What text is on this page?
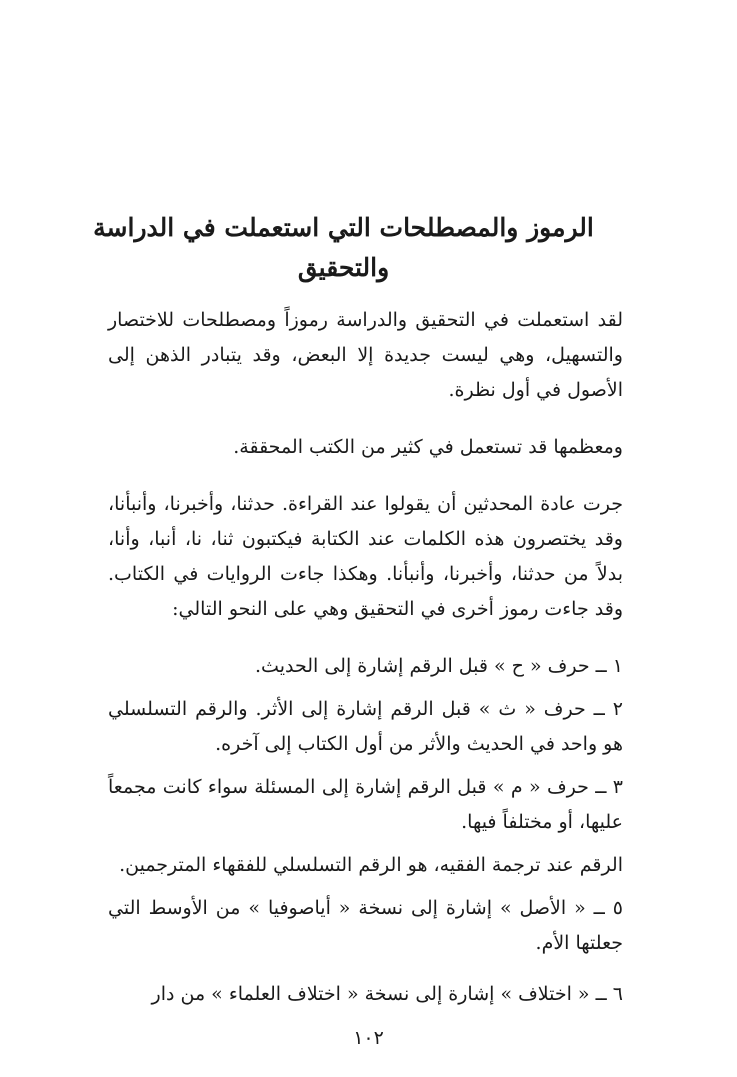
الرموز والمصطلحات التي استعملت في الدراسة والتحقيق

لقد استعملت في التحقيق والدراسة رموزاً ومصطلحات للاختصار والتسهيل، وهي ليست جديدة إلا البعض، وقد يتبادر الذهن إلى الأصول في أول نظرة.

ومعظمها قد تستعمل في كثير من الكتب المحققة.

جرت عادة المحدثين أن يقولوا عند القراءة. حدثنا، وأخبرنا، وأنبأنا، وقد يختصرون هذه الكلمات عند الكتابة فيكتبون ثنا، نا، أنبا، وأنا، بدلاً من حدثنا، وأخبرنا، وأنبأنا. وهكذا جاءت الروايات في الكتاب. وقد جاءت رموز أخرى في التحقيق وهي على النحو التالي:

١ ــ حرف « ح » قبل الرقم إشارة إلى الحديث.

٢ ــ حرف « ث » قبل الرقم إشارة إلى الأثر. والرقم التسلسلي هو واحد في الحديث والأثر من أول الكتاب إلى آخره.

٣ ــ حرف « م » قبل الرقم إشارة إلى المسئلة سواء كانت مجمعاً عليها، أو مختلفاً فيها.

الرقم عند ترجمة الفقيه، هو الرقم التسلسلي للفقهاء المترجمين.

٥ ــ « الأصل » إشارة إلى نسخة « أياصوفيا » من الأوسط التي جعلتها الأم.

٦ ــ « اختلاف » إشارة إلى نسخة « اختلاف العلماء » من دار

١٠٢
